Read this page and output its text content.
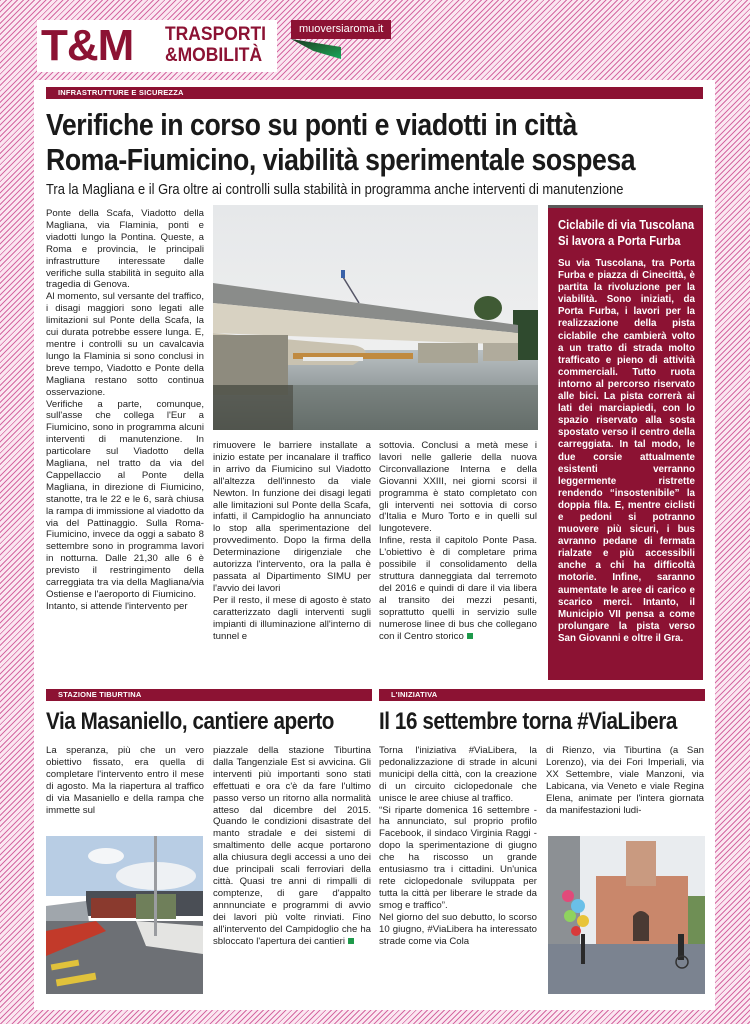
T&M TRASPORTI
&MOBILITÀ
muoversiaroma.it
INFRASTRUTTURE E SICUREZZA
Verifiche in corso su ponti e viadotti in città
Roma-Fiumicino, viabilità sperimentale sospesa
Tra la Magliana e il Gra oltre ai controlli sulla stabilità in programma anche interventi di manutenzione

Ponte della Scafa, Viadotto della Magliana, via Flaminia, ponti e viadotti lungo la Pontina. Queste, a Roma e provincia, le principali infrastrutture interessate dalle verifiche sulla stabilità in seguito alla tragedia di Genova.

Al momento, sul versante del traffico, i disagi maggiori sono legati alle limitazioni sul Ponte della Scafa, la cui durata potrebbe essere lunga. E, mentre i controlli su un cavalcavia lungo la Flaminia si sono conclusi in breve tempo, Viadotto e Ponte della Magliana restano sotto continua osservazione.

Verifiche a parte, comunque, sull'asse che collega l'Eur a Fiumicino, sono in programma alcuni interventi di manutenzione. In particolare sul Viadotto della Magliana, nel tratto da via del Cappellaccio al Ponte della Magliana, in direzione di Fiumicino, stanotte, tra le 22 e le 6, sarà chiusa la rampa di immissione al viadotto da via del Pattinaggio. Sulla Roma-Fiumicino, invece da oggi a sabato 8 settembre sono in programma lavori in notturna. Dalle 21,30 alle 6 è previsto il restringimento della carreggiata tra via della Magliana/via Ostiense e l'aeroporto di Fiumicino.

Intanto, si attende l'intervento per

rimuovere le barriere installate a inizio estate per incanalare il traffico in arrivo da Fiumicino sul Viadotto all'altezza dell'innesto da viale Newton. In funzione dei disagi legati alle limitazioni sul Ponte della Scafa, infatti, il Campidoglio ha annunciato lo stop alla sperimentazione del provvedimento. Dopo la firma della Determinazione dirigenziale che autorizza l'intervento, ora la palla è passata al Dipartimento SIMU per l'avvio dei lavori

Per il resto, il mese di agosto è stato caratterizzato dagli interventi sugli impianti di illuminazione all'interno di tunnel e

sottovia. Conclusi a metà mese i lavori nelle gallerie della nuova Circonvallazione Interna e della Giovanni XXIII, nei giorni scorsi il programma è stato completato con gli interventi nei sottovia di corso d'Italia e Muro Torto e in quelli sul lungotevere.

Infine, resta il capitolo Ponte Pasa. L'obiettivo è di completare prima possibile il consolidamento della struttura danneggiata dal terremoto del 2016 e quindi di dare il via libera al transito dei mezzi pesanti, soprattutto quelli in servizio sulle numerose linee di bus che collegano con il Centro storico

Ciclabile di via Tuscolana
Si lavora a Porta Furba
Su via Tuscolana, tra Porta Furba e piazza di Cinecittà, è partita la rivoluzione per la viabilità. Sono iniziati, da Porta Furba, i lavori per la realizzazione della pista ciclabile che cambierà volto a un tratto di strada molto trafficato e pieno di attività commerciali. Tutto ruota intorno al percorso riservato alle bici. La pista correrà ai lati dei marciapiedi, con lo spazio riservato alla sosta spostato verso il centro della carreggiata. In tal modo, le due corsie attualmente esistenti verranno leggermente ristrette rendendo “insostenibile” la doppia fila. E, mentre ciclisti e pedoni si potranno muovere più sicuri, i bus avranno pedane di fermata rialzate e più accessibili anche a chi ha difficoltà motorie. Infine, saranno aumentate le aree di carico e scarico merci. Intanto, il Municipio VII pensa a come prolungare la pista verso San Giovanni e oltre il Gra.
STAZIONE TIBURTINA
Via Masaniello, cantiere aperto
La speranza, più che un vero obiettivo fissato, era quella di completare l'intervento entro il mese di agosto. Ma la riapertura al traffico di via Masaniello e della rampa che immette sul

piazzale della stazione Tiburtina dalla Tangenziale Est si avvicina. Gli interventi più importanti sono stati effettuati e ora c'è da fare l'ultimo passo verso un ritorno alla normalità atteso dal dicembre del 2015. Quando le condizioni disastrate del manto stradale e dei sistemi di smaltimento delle acque portarono alla chiusura degli accessi a uno dei due principali scali ferroviari della città. Quasi tre anni di rimpalli di comptenze, di gare d'appalto annnunciate e programmi di avvio dei lavori più volte rinviati. Fino all'intervento del Campidoglio che ha sbloccato l'apertura dei cantieri

L'INIZIATIVA
Il 16 settembre torna #ViaLibera

Torna l'iniziativa #ViaLibera, la pedonalizzazione di strade in alcuni municipi della città, con la creazione di un circuito ciclopedonale che unisce le aree chiuse al traffico.

“Si riparte domenica 16 settembre - ha annunciato, sul proprio profilo Facebook, il sindaco Virginia Raggi - dopo la sperimentazione di giugno che ha riscosso un grande entusiasmo tra i cittadini. Un'unica rete ciclopedonale sviluppata per tutta la città per liberare le strade da smog e traffico”.

Nel giorno del suo debutto, lo scorso 10 giugno, #ViaLibera ha interessato strade come via Cola

di Rienzo, via Tiburtina (a San Lorenzo), via dei Fori Imperiali, via XX Settembre, viale Manzoni, via Labicana, via Veneto e viale Regina Elena, animate per l'intera giornata da manifestazioni ludi-
